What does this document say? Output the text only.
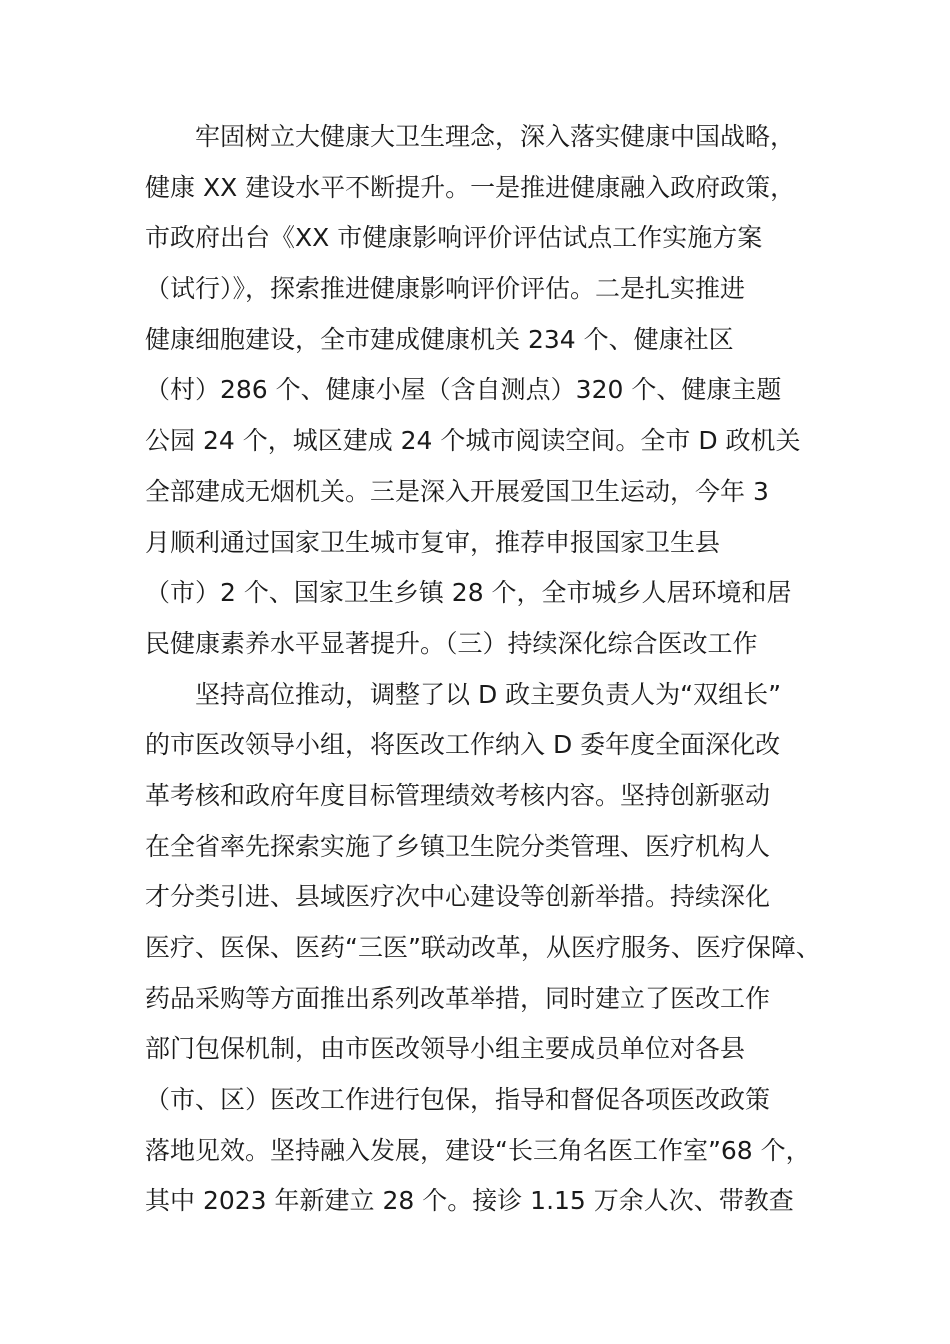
牢固树立大健康大卫生理念，深入落实健康中国战略，
健康 XX 建设水平不断提升。一是推进健康融入政府政策，
市政府出台《XX 市健康影响评价评估试点工作实施方案
（试行）》，探索推进健康影响评价评估。二是扎实推进
健康细胞建设，全市建成健康机关 234 个、健康社区
（村）286 个、健康小屋（含自测点）320 个、健康主题
公园 24 个，城区建成 24 个城市阅读空间。全市 D 政机关
全部建成无烟机关。三是深入开展爱国卫生运动，今年 3
月顺利通过国家卫生城市复审，推荐申报国家卫生县
（市）2 个、国家卫生乡镇 28 个，全市城乡人居环境和居
民健康素养水平显著提升。（三）持续深化综合医改工作
坚持高位推动，调整了以 D 政主要负责人为“双组长”
的市医改领导小组，将医改工作纳入 D 委年度全面深化改
革考核和政府年度目标管理绩效考核内容。坚持创新驱动
在全省率先探索实施了乡镇卫生院分类管理、医疗机构人
才分类引进、县域医疗次中心建设等创新举措。持续深化
医疗、医保、医药“三医”联动改革，从医疗服务、医疗保障、
药品采购等方面推出系列改革举措，同时建立了医改工作
部门包保机制，由市医改领导小组主要成员单位对各县
（市、区）医改工作进行包保，指导和督促各项医改政策
落地见效。坚持融入发展，建设“长三角名医工作室”68 个，
其中 2023 年新建立 28 个。接诊 1.15 万余人次、带教查
